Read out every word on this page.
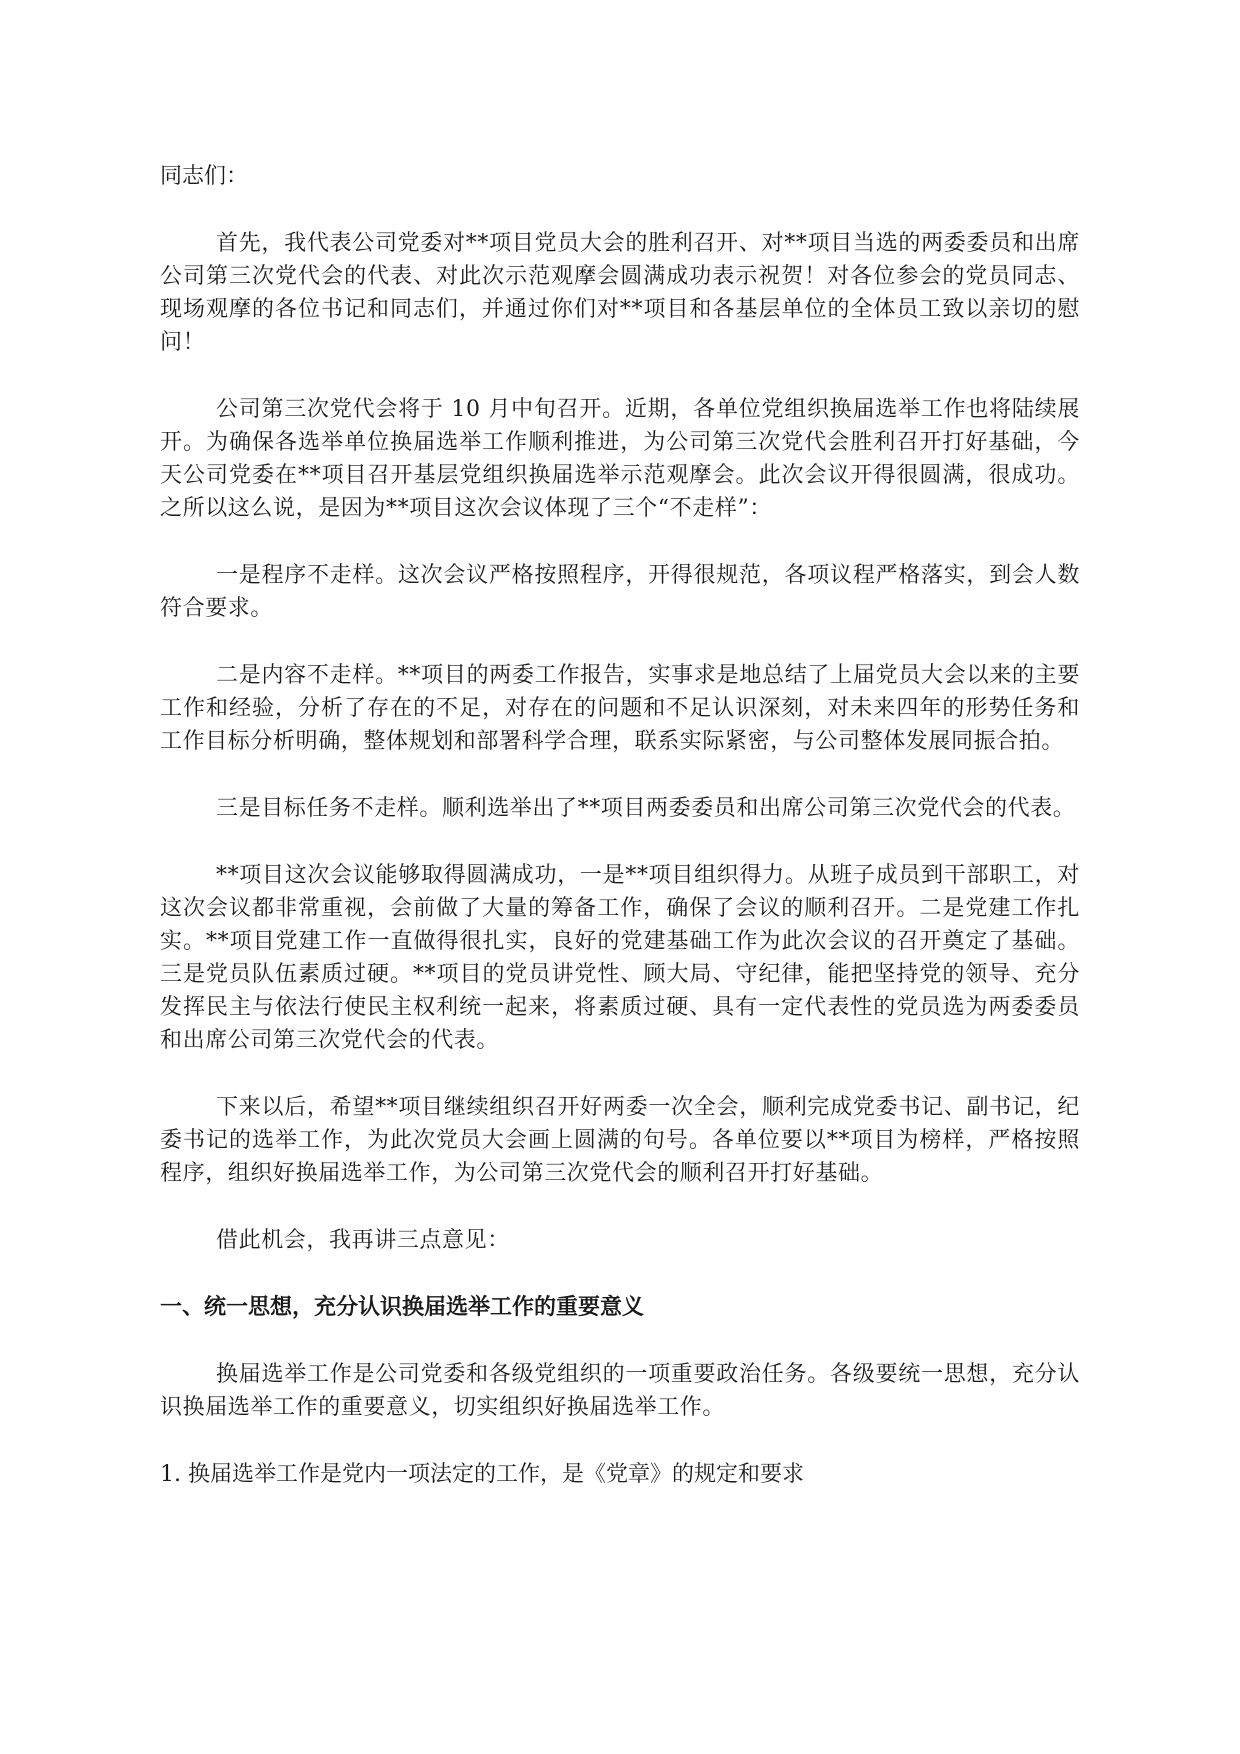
同志们：

首先，我代表公司党委对**项目党员大会的胜利召开、对**项目当选的两委委员和出席公司第三次党代会的代表、对此次示范观摩会圆满成功表示祝贺！对各位参会的党员同志、现场观摩的各位书记和同志们，并通过你们对**项目和各基层单位的全体员工致以亲切的慰问！

公司第三次党代会将于 10 月中旬召开。近期，各单位党组织换届选举工作也将陆续展开。为确保各选举单位换届选举工作顺利推进，为公司第三次党代会胜利召开打好基础，今天公司党委在**项目召开基层党组织换届选举示范观摩会。此次会议开得很圆满，很成功。之所以这么说，是因为**项目这次会议体现了三个“不走样”：

一是程序不走样。这次会议严格按照程序，开得很规范，各项议程严格落实，到会人数符合要求。

二是内容不走样。**项目的两委工作报告，实事求是地总结了上届党员大会以来的主要工作和经验，分析了存在的不足，对存在的问题和不足认识深刻，对未来四年的形势任务和工作目标分析明确，整体规划和部署科学合理，联系实际紧密，与公司整体发展同振合拍。

三是目标任务不走样。顺利选举出了**项目两委委员和出席公司第三次党代会的代表。

**项目这次会议能够取得圆满成功，一是**项目组织得力。从班子成员到干部职工，对这次会议都非常重视，会前做了大量的筹备工作，确保了会议的顺利召开。二是党建工作扎实。**项目党建工作一直做得很扎实，良好的党建基础工作为此次会议的召开奠定了基础。三是党员队伍素质过硬。**项目的党员讲党性、顾大局、守纪律，能把坚持党的领导、充分发挥民主与依法行使民主权利统一起来，将素质过硬、具有一定代表性的党员选为两委委员和出席公司第三次党代会的代表。

下来以后，希望**项目继续组织召开好两委一次全会，顺利完成党委书记、副书记，纪委书记的选举工作，为此次党员大会画上圆满的句号。各单位要以**项目为榜样，严格按照程序，组织好换届选举工作，为公司第三次党代会的顺利召开打好基础。

借此机会，我再讲三点意见：

一、统一思想，充分认识换届选举工作的重要意义

换届选举工作是公司党委和各级党组织的一项重要政治任务。各级要统一思想，充分认识换届选举工作的重要意义，切实组织好换届选举工作。

1. 换届选举工作是党内一项法定的工作，是《党章》的规定和要求
